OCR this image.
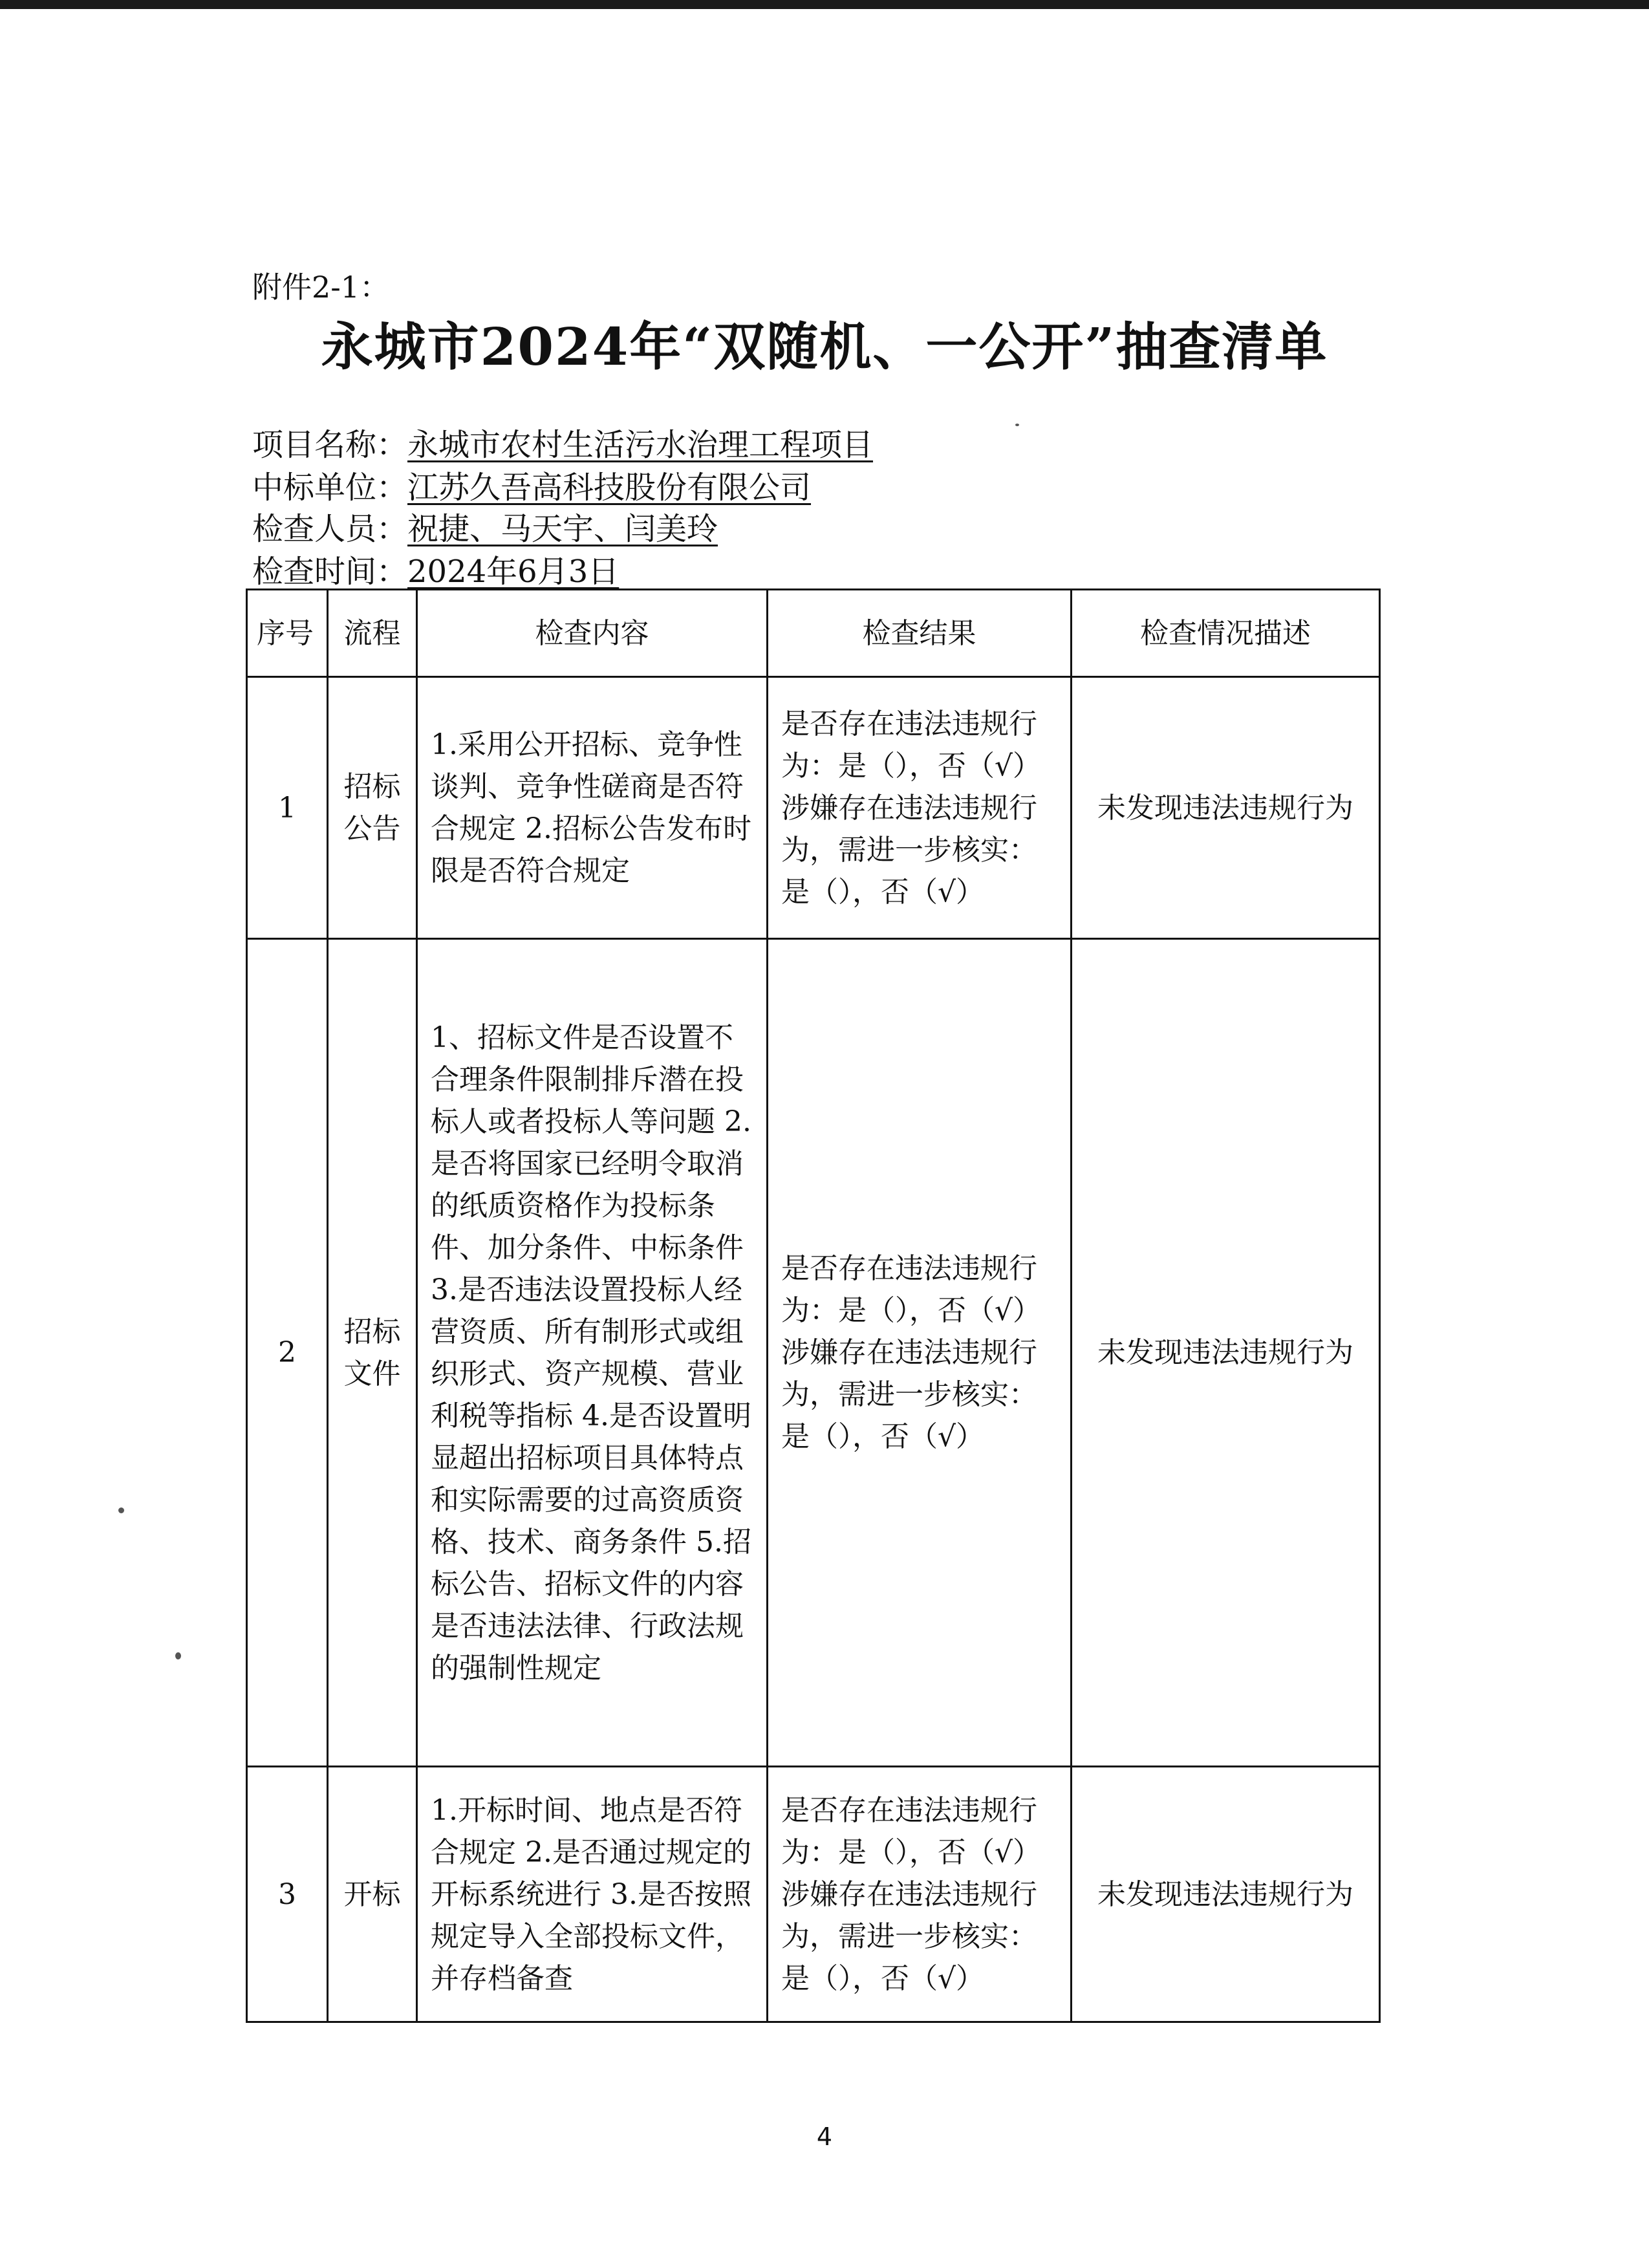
附件2-1：
永城市2024年“双随机、一公开”抽查清单
项目名称：永城市农村生活污水治理工程项目
中标单位：江苏久吾高科技股份有限公司
检查人员：祝捷、马天宇、闫美玲
检查时间：2024年6月3日
序号	流程	检查内容	检查结果	检查情况描述
1	招标公告	1.采用公开招标、竞争性谈判、竞争性磋商是否符合规定 2.招标公告发布时限是否符合规定	是否存在违法违规行为：是（），否（√） 涉嫌存在违法违规行为，需进一步核实：是（），否（√）	未发现违法违规行为
2	招标文件	1、招标文件是否设置不合理条件限制排斥潜在投标人或者投标人等问题 2.是否将国家已经明令取消的纸质资格作为投标条件、加分条件、中标条件 3.是否违法设置投标人经营资质、所有制形式或组织形式、资产规模、营业利税等指标 4.是否设置明显超出招标项目具体特点和实际需要的过高资质资格、技术、商务条件 5.招标公告、招标文件的内容是否违法法律、行政法规的强制性规定	是否存在违法违规行为：是（），否（√） 涉嫌存在违法违规行为，需进一步核实：是（），否（√）	未发现违法违规行为
3	开标	1.开标时间、地点是否符合规定 2.是否通过规定的开标系统进行 3.是否按照规定导入全部投标文件，并存档备查	是否存在违法违规行为：是（），否（√） 涉嫌存在违法违规行为，需进一步核实：是（），否（√）	未发现违法违规行为
4
